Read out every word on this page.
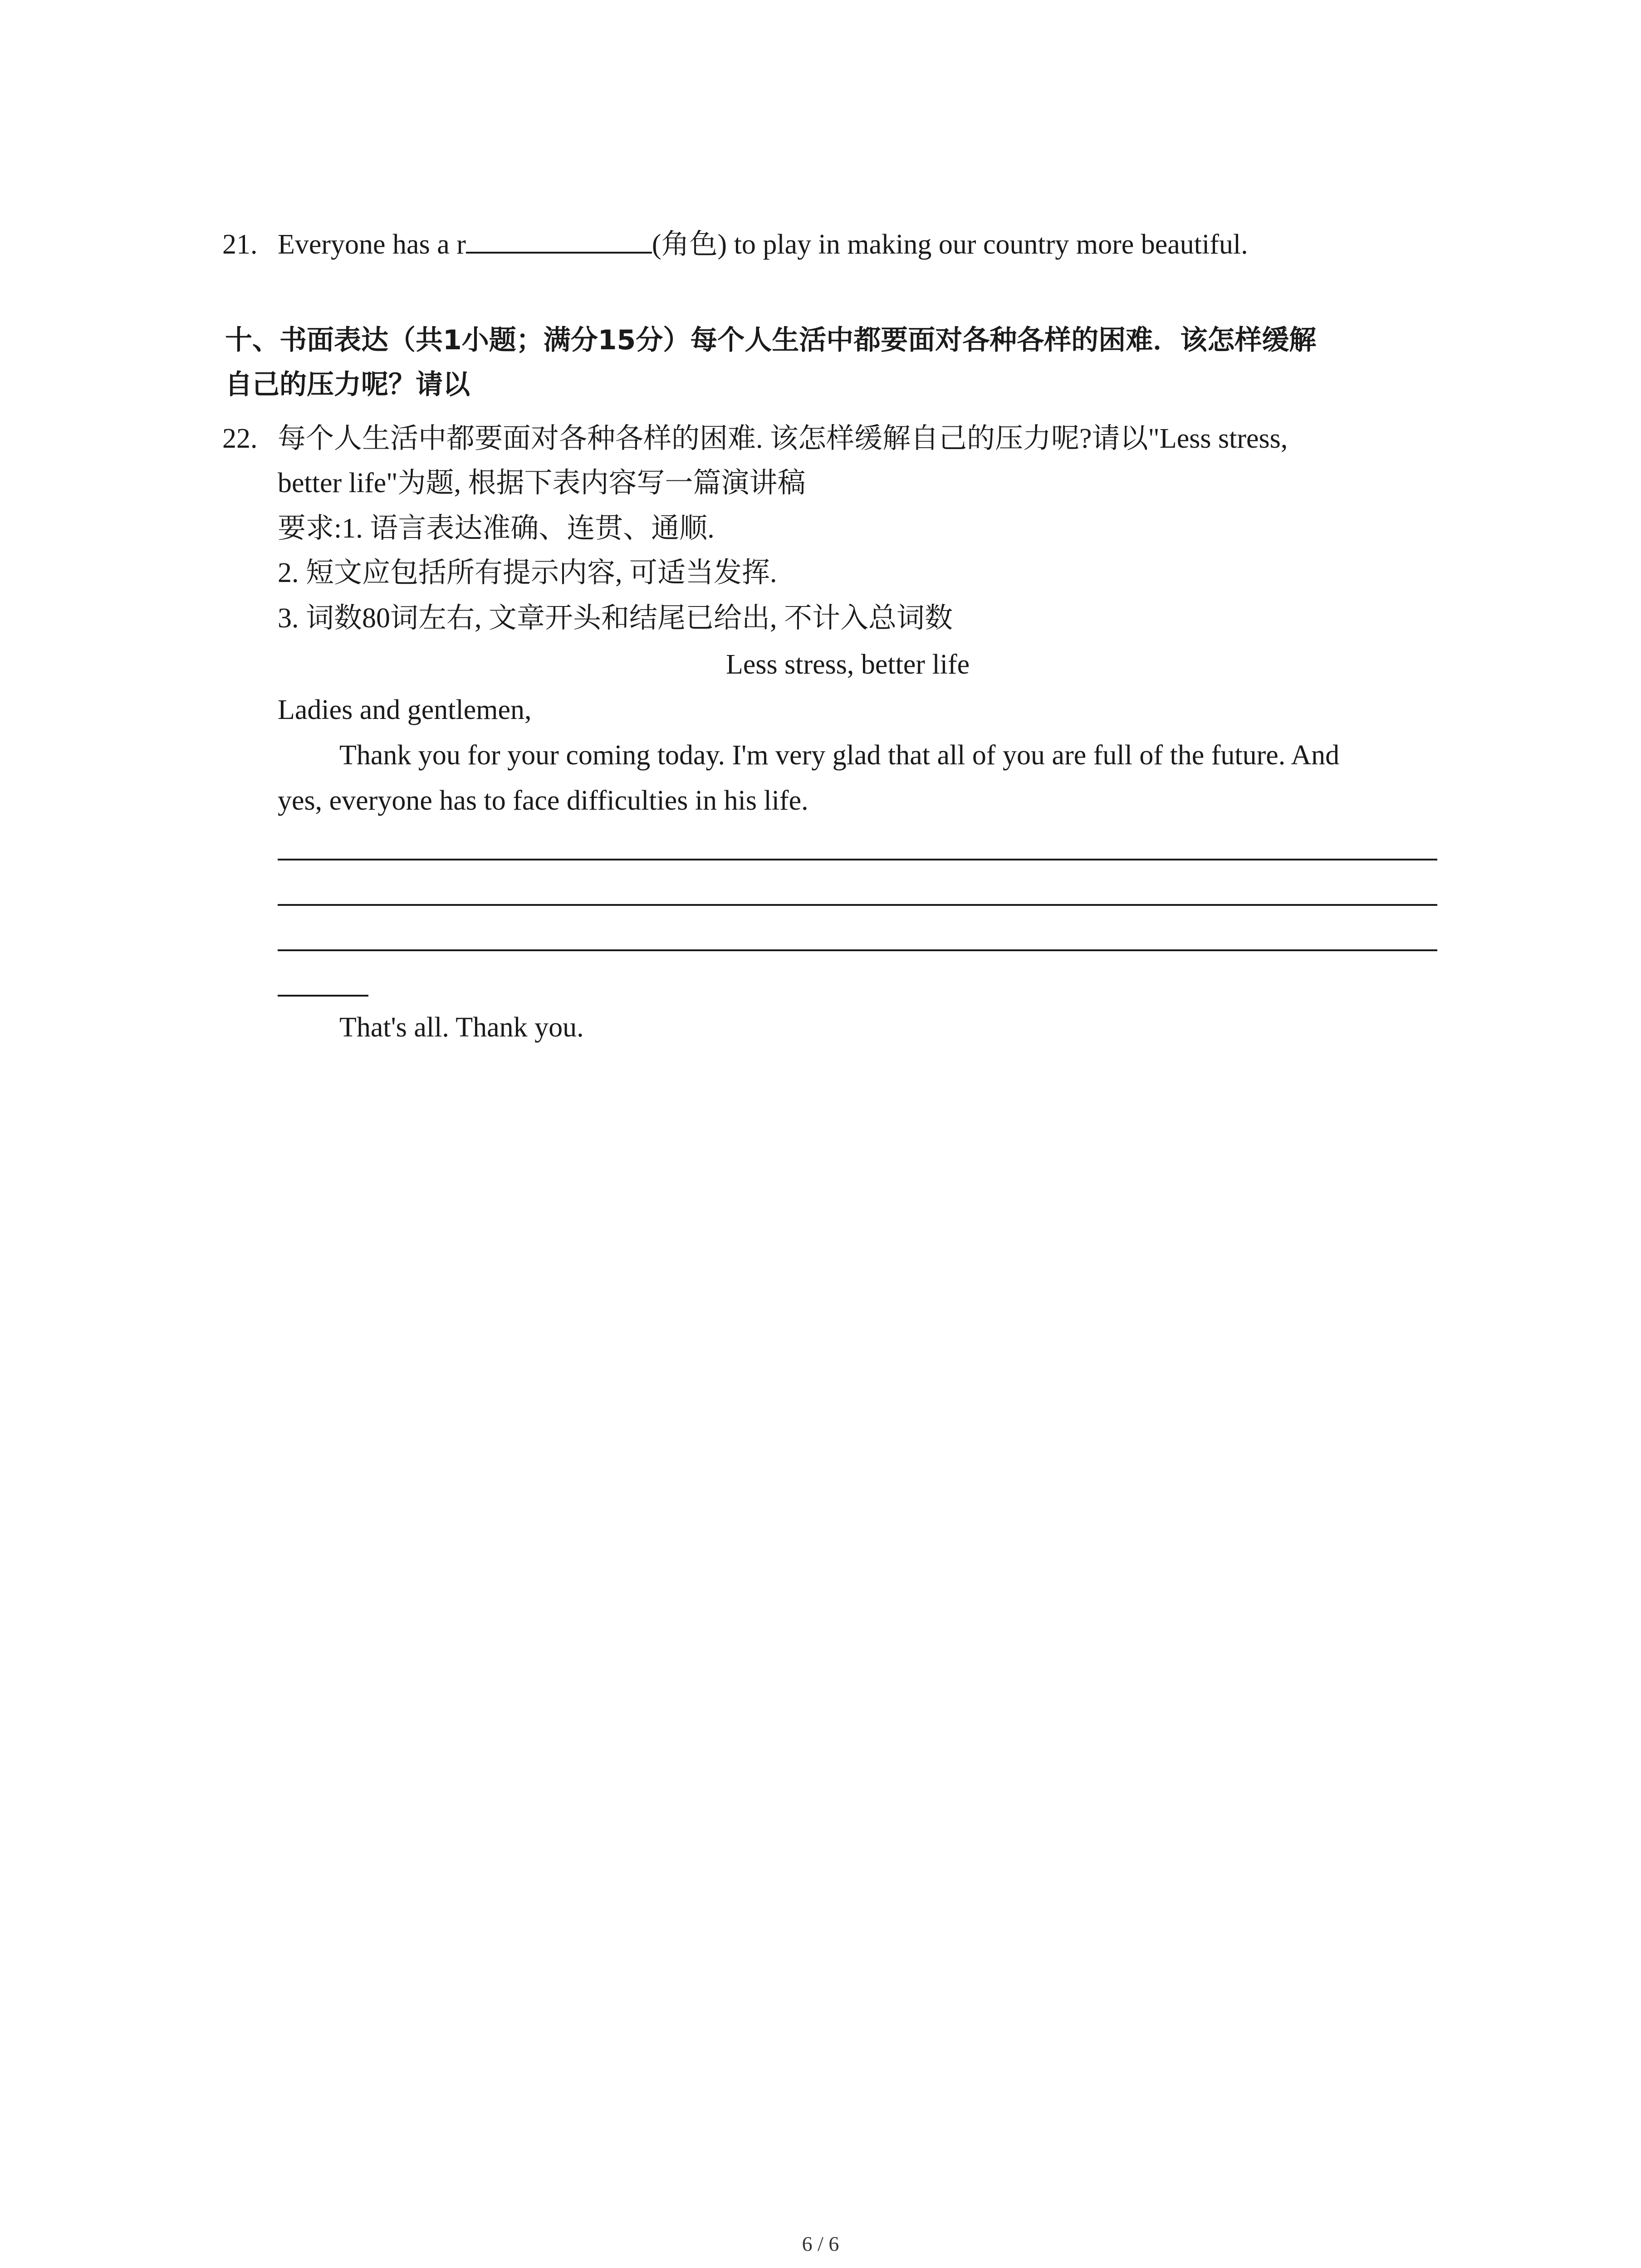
21. Everyone has a r	(角色) to play in making our country more beautiful.
十、书面表达（共1小题；满分15分）每个人生活中都要面对各种各样的困难．该怎样缓解
自己的压力呢？请以
22. 每个人生活中都要面对各种各样的困难. 该怎样缓解自己的压力呢?请以"Less stress,
better life"为题, 根据下表内容写一篇演讲稿
要求:1. 语言表达准确、连贯、通顺.
2. 短文应包括所有提示内容, 可适当发挥.
3. 词数80词左右, 文章开头和结尾已给出, 不计入总词数
Less stress, better life
Ladies and gentlemen,
Thank you for your coming today. I'm very glad that all of you are full of the future. And
yes, everyone has to face difficulties in his life.
That's all. Thank you.
6 / 6
